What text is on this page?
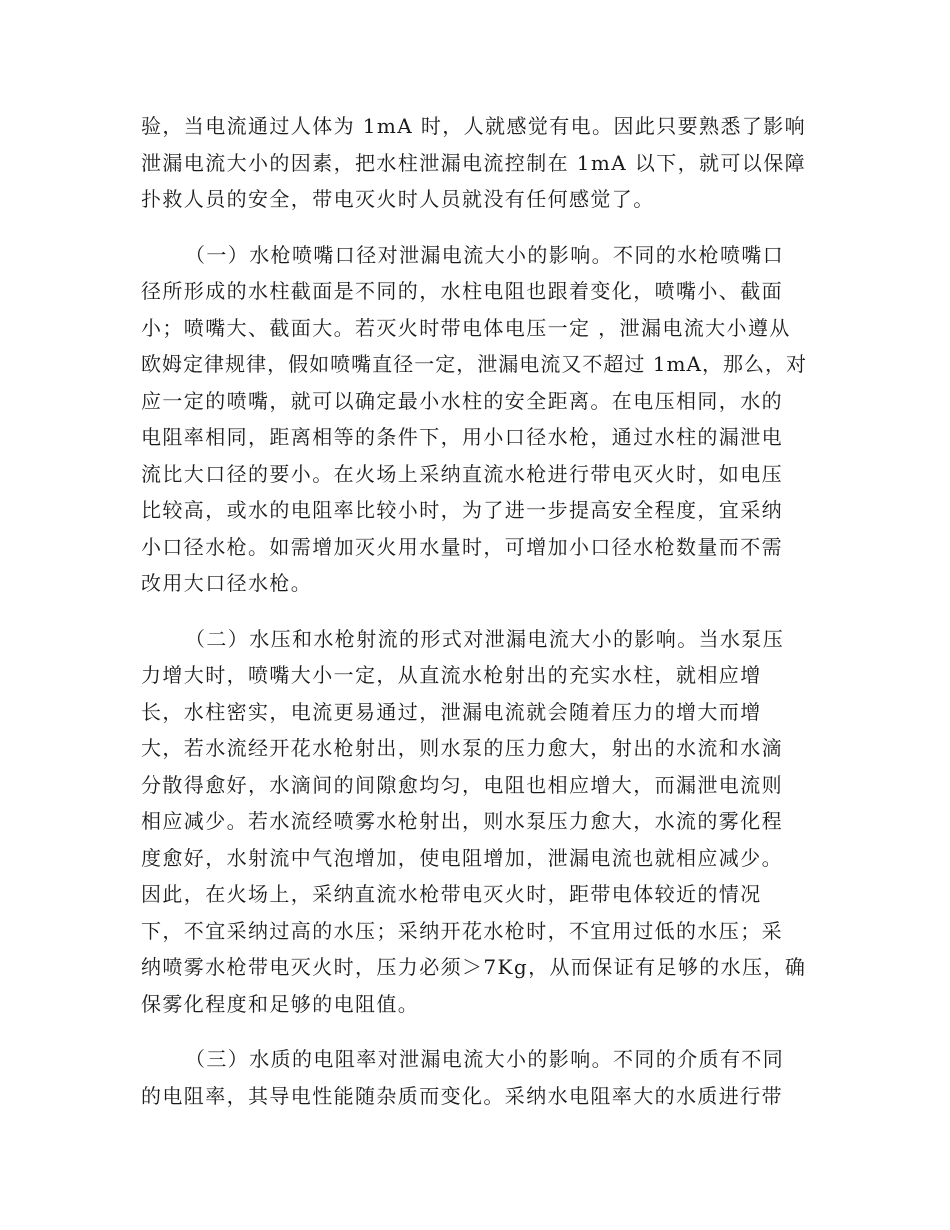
验，当电流通过人体为 1mA 时，人就感觉有电。因此只要熟悉了影响
泄漏电流大小的因素，把水柱泄漏电流控制在 1mA 以下，就可以保障
扑救人员的安全，带电灭火时人员就没有任何感觉了。
（一）水枪喷嘴口径对泄漏电流大小的影响。不同的水枪喷嘴口
径所形成的水柱截面是不同的，水柱电阻也跟着变化，喷嘴小、截面
小；喷嘴大、截面大。若灭火时带电体电压一定 ，泄漏电流大小遵从
欧姆定律规律，假如喷嘴直径一定，泄漏电流又不超过 1mA，那么，对
应一定的喷嘴，就可以确定最小水柱的安全距离。在电压相同，水的
电阻率相同，距离相等的条件下，用小口径水枪，通过水柱的漏泄电
流比大口径的要小。在火场上采纳直流水枪进行带电灭火时，如电压
比较高，或水的电阻率比较小时，为了进一步提高安全程度，宜采纳
小口径水枪。如需增加灭火用水量时，可增加小口径水枪数量而不需
改用大口径水枪。
（二）水压和水枪射流的形式对泄漏电流大小的影响。当水泵压
力增大时，喷嘴大小一定，从直流水枪射出的充实水柱，就相应增
长，水柱密实，电流更易通过，泄漏电流就会随着压力的增大而增
大，若水流经开花水枪射出，则水泵的压力愈大，射出的水流和水滴
分散得愈好，水滴间的间隙愈均匀，电阻也相应增大，而漏泄电流则
相应减少。若水流经喷雾水枪射出，则水泵压力愈大，水流的雾化程
度愈好，水射流中气泡增加，使电阻增加，泄漏电流也就相应减少。
因此，在火场上，采纳直流水枪带电灭火时，距带电体较近的情况
下，不宜采纳过高的水压；采纳开花水枪时，不宜用过低的水压；采
纳喷雾水枪带电灭火时，压力必须＞7Kg，从而保证有足够的水压，确
保雾化程度和足够的电阻值。
（三）水质的电阻率对泄漏电流大小的影响。不同的介质有不同
的电阻率，其导电性能随杂质而变化。采纳水电阻率大的水质进行带
